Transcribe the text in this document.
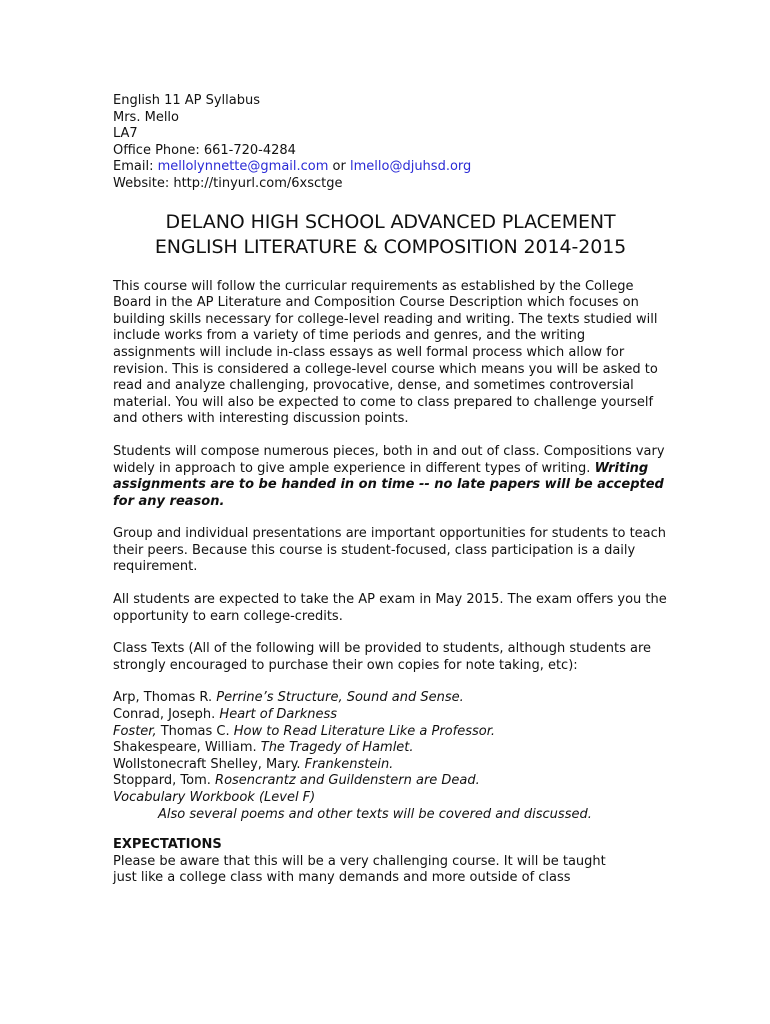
English 11 AP Syllabus
Mrs. Mello
LA7
Office Phone: 661-720-4284
Email: mellolynnette@gmail.com or lmello@djuhsd.org
Website: http://tinyurl.com/6xsctge
DELANO HIGH SCHOOL ADVANCED PLACEMENT
ENGLISH LITERATURE & COMPOSITION 2014-2015

This course will follow the curricular requirements as established by the College Board in the AP Literature and Composition Course Description which focuses on building skills necessary for college-level reading and writing. The texts studied will include works from a variety of time periods and genres, and the writing assignments will include in-class essays as well formal process which allow for revision. This is considered a college-level course which means you will be asked to read and analyze challenging, provocative, dense, and sometimes controversial material. You will also be expected to come to class prepared to challenge yourself and others with interesting discussion points.

Students will compose numerous pieces, both in and out of class. Compositions vary widely in approach to give ample experience in different types of writing. Writing assignments are to be handed in on time -- no late papers will be accepted for any reason.

Group and individual presentations are important opportunities for students to teach their peers. Because this course is student-focused, class participation is a daily requirement.

All students are expected to take the AP exam in May 2015. The exam offers you the opportunity to earn college-credits.

Class Texts (All of the following will be provided to students, although students are strongly encouraged to purchase their own copies for note taking, etc):

Arp, Thomas R. Perrine’s Structure, Sound and Sense.
Conrad, Joseph. Heart of Darkness
Foster, Thomas C. How to Read Literature Like a Professor.
Shakespeare, William. The Tragedy of Hamlet.
Wollstonecraft Shelley, Mary. Frankenstein.
Stoppard, Tom. Rosencrantz and Guildenstern are Dead.
Vocabulary Workbook (Level F)
Also several poems and other texts will be covered and discussed.
EXPECTATIONS
Please be aware that this will be a very challenging course. It will be taught
just like a college class with many demands and more outside of class
